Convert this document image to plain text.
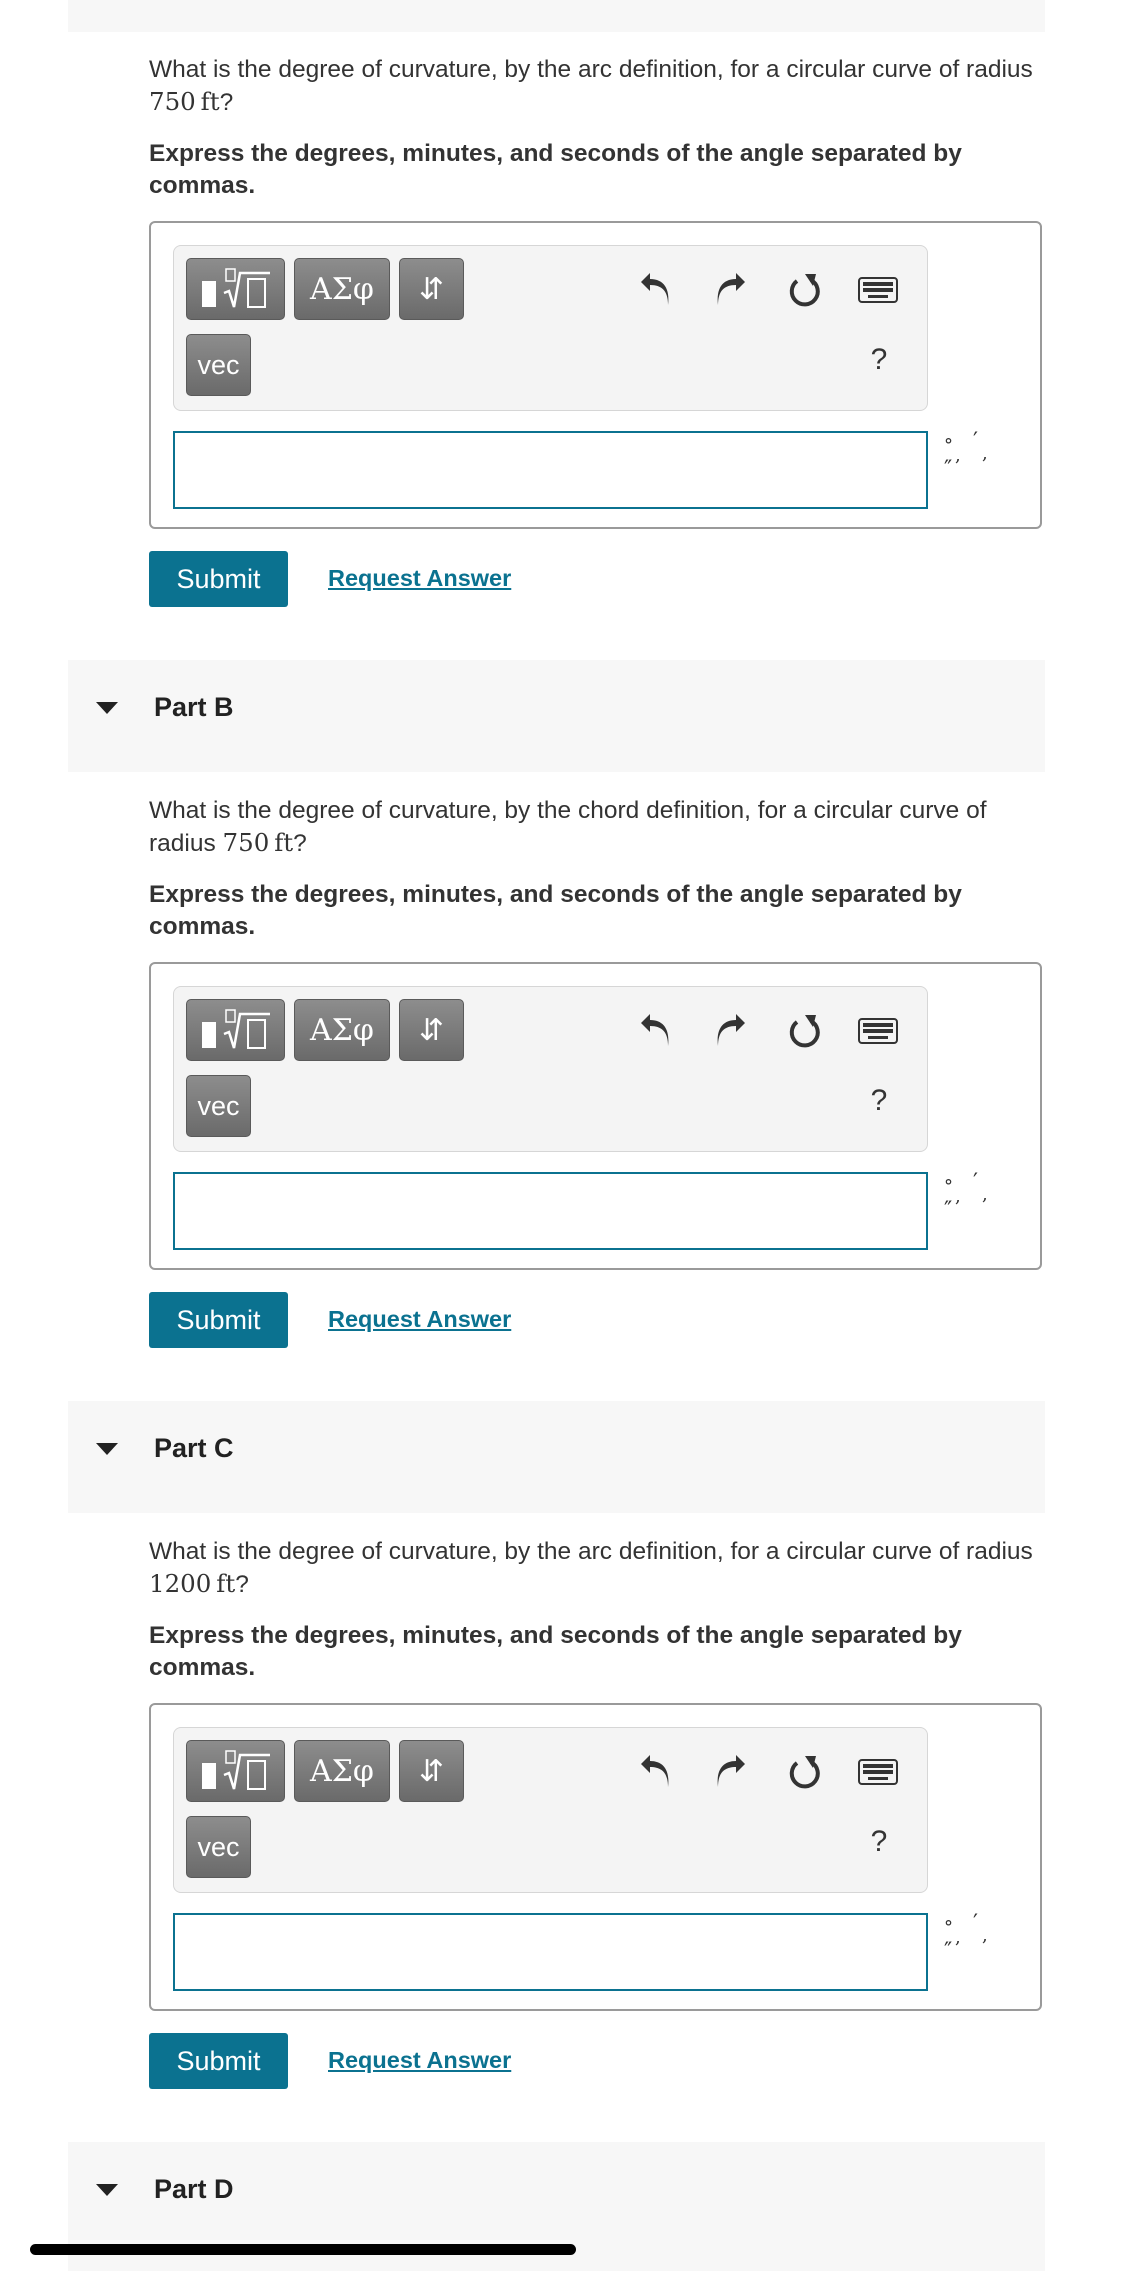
What is the degree of curvature, by the arc definition, for a circular curve of radius 750  ft?
Express the degrees, minutes, and seconds of the angle separated by commas.
ΑΣφ	⇵
vec	?
° ,
′ ,
″
Submit	Request Answer
Part B
What is the degree of curvature, by the chord definition, for a circular curve of radius 750  ft?
Express the degrees, minutes, and seconds of the angle separated by commas.
ΑΣφ	⇵
vec	?
° ,
′ ,
″
Submit	Request Answer
Part C
What is the degree of curvature, by the arc definition, for a circular curve of radius 1200  ft?
Express the degrees, minutes, and seconds of the angle separated by commas.
ΑΣφ	⇵
vec	?
° ,
′ ,
″
Submit	Request Answer
Part D
